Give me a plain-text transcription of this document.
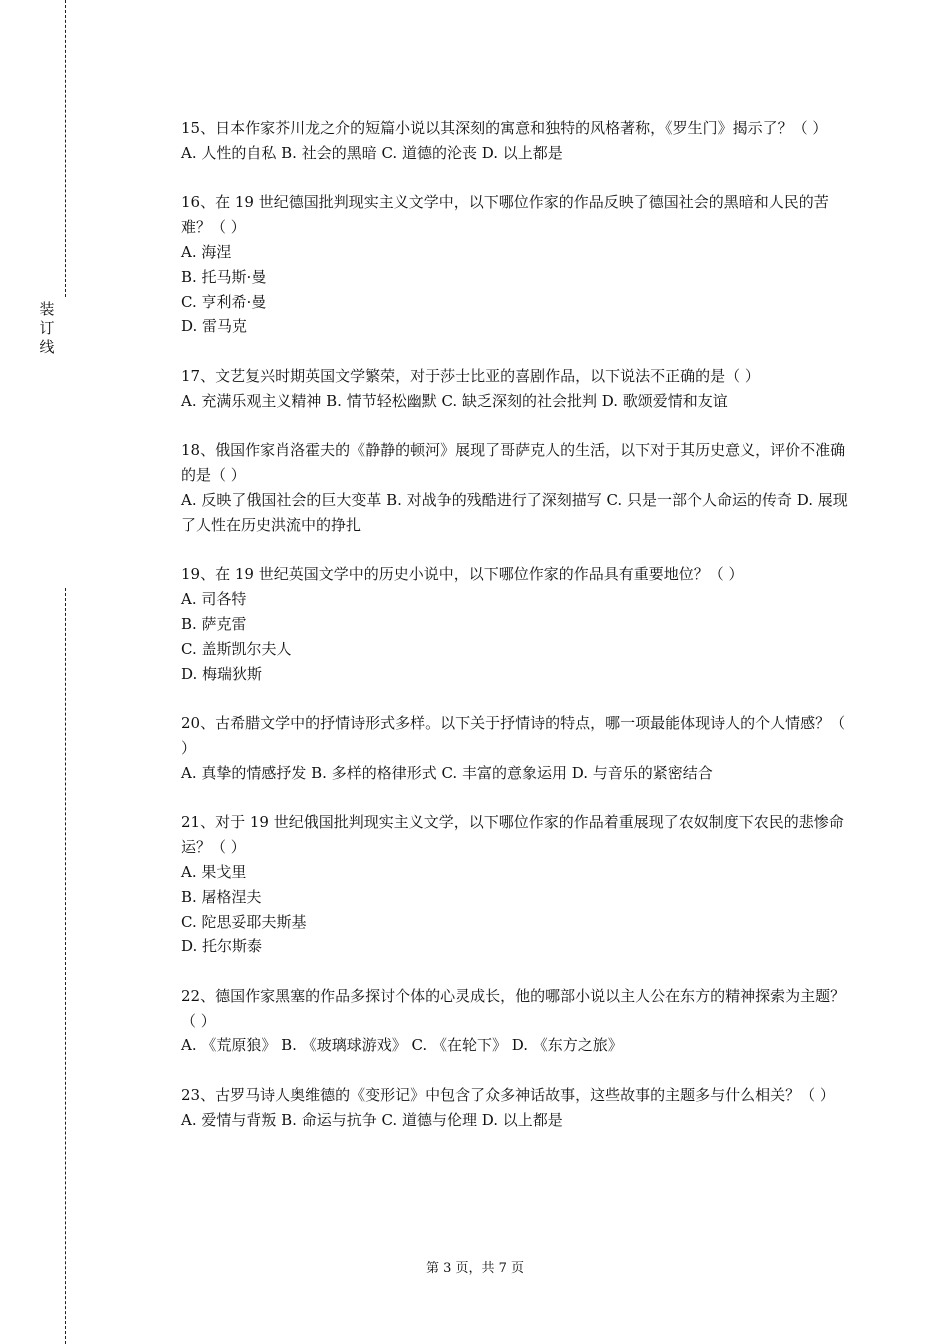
装
订
线

15、日本作家芥川龙之介的短篇小说以其深刻的寓意和独特的风格著称，《罗生门》揭示了？（ ）

A. 人性的自私 B. 社会的黑暗 C. 道德的沦丧 D. 以上都是

16、在 19 世纪德国批判现实主义文学中，以下哪位作家的作品反映了德国社会的黑暗和人民的苦难？（ ）

A. 海涅

B. 托马斯·曼

C. 亨利希·曼

D. 雷马克

17、文艺复兴时期英国文学繁荣，对于莎士比亚的喜剧作品，以下说法不正确的是（ ）

A. 充满乐观主义精神 B. 情节轻松幽默 C. 缺乏深刻的社会批判 D. 歌颂爱情和友谊

18、俄国作家肖洛霍夫的《静静的顿河》展现了哥萨克人的生活，以下对于其历史意义，评价不准确的是（ ）

A. 反映了俄国社会的巨大变革 B. 对战争的残酷进行了深刻描写 C. 只是一部个人命运的传奇 D. 展现了人性在历史洪流中的挣扎

19、在 19 世纪英国文学中的历史小说中，以下哪位作家的作品具有重要地位？（ ）

A. 司各特

B. 萨克雷

C. 盖斯凯尔夫人

D. 梅瑞狄斯

20、古希腊文学中的抒情诗形式多样。以下关于抒情诗的特点，哪一项最能体现诗人的个人情感？（ ）

A. 真挚的情感抒发 B. 多样的格律形式 C. 丰富的意象运用 D. 与音乐的紧密结合

21、对于 19 世纪俄国批判现实主义文学，以下哪位作家的作品着重展现了农奴制度下农民的悲惨命运？（ ）

A. 果戈里

B. 屠格涅夫

C. 陀思妥耶夫斯基

D. 托尔斯泰

22、德国作家黑塞的作品多探讨个体的心灵成长，他的哪部小说以主人公在东方的精神探索为主题？（ ）

A. 《荒原狼》 B. 《玻璃球游戏》 C. 《在轮下》 D. 《东方之旅》

23、古罗马诗人奥维德的《变形记》中包含了众多神话故事，这些故事的主题多与什么相关？（ ）

A. 爱情与背叛 B. 命运与抗争 C. 道德与伦理 D. 以上都是

第 3 页，共 7 页
